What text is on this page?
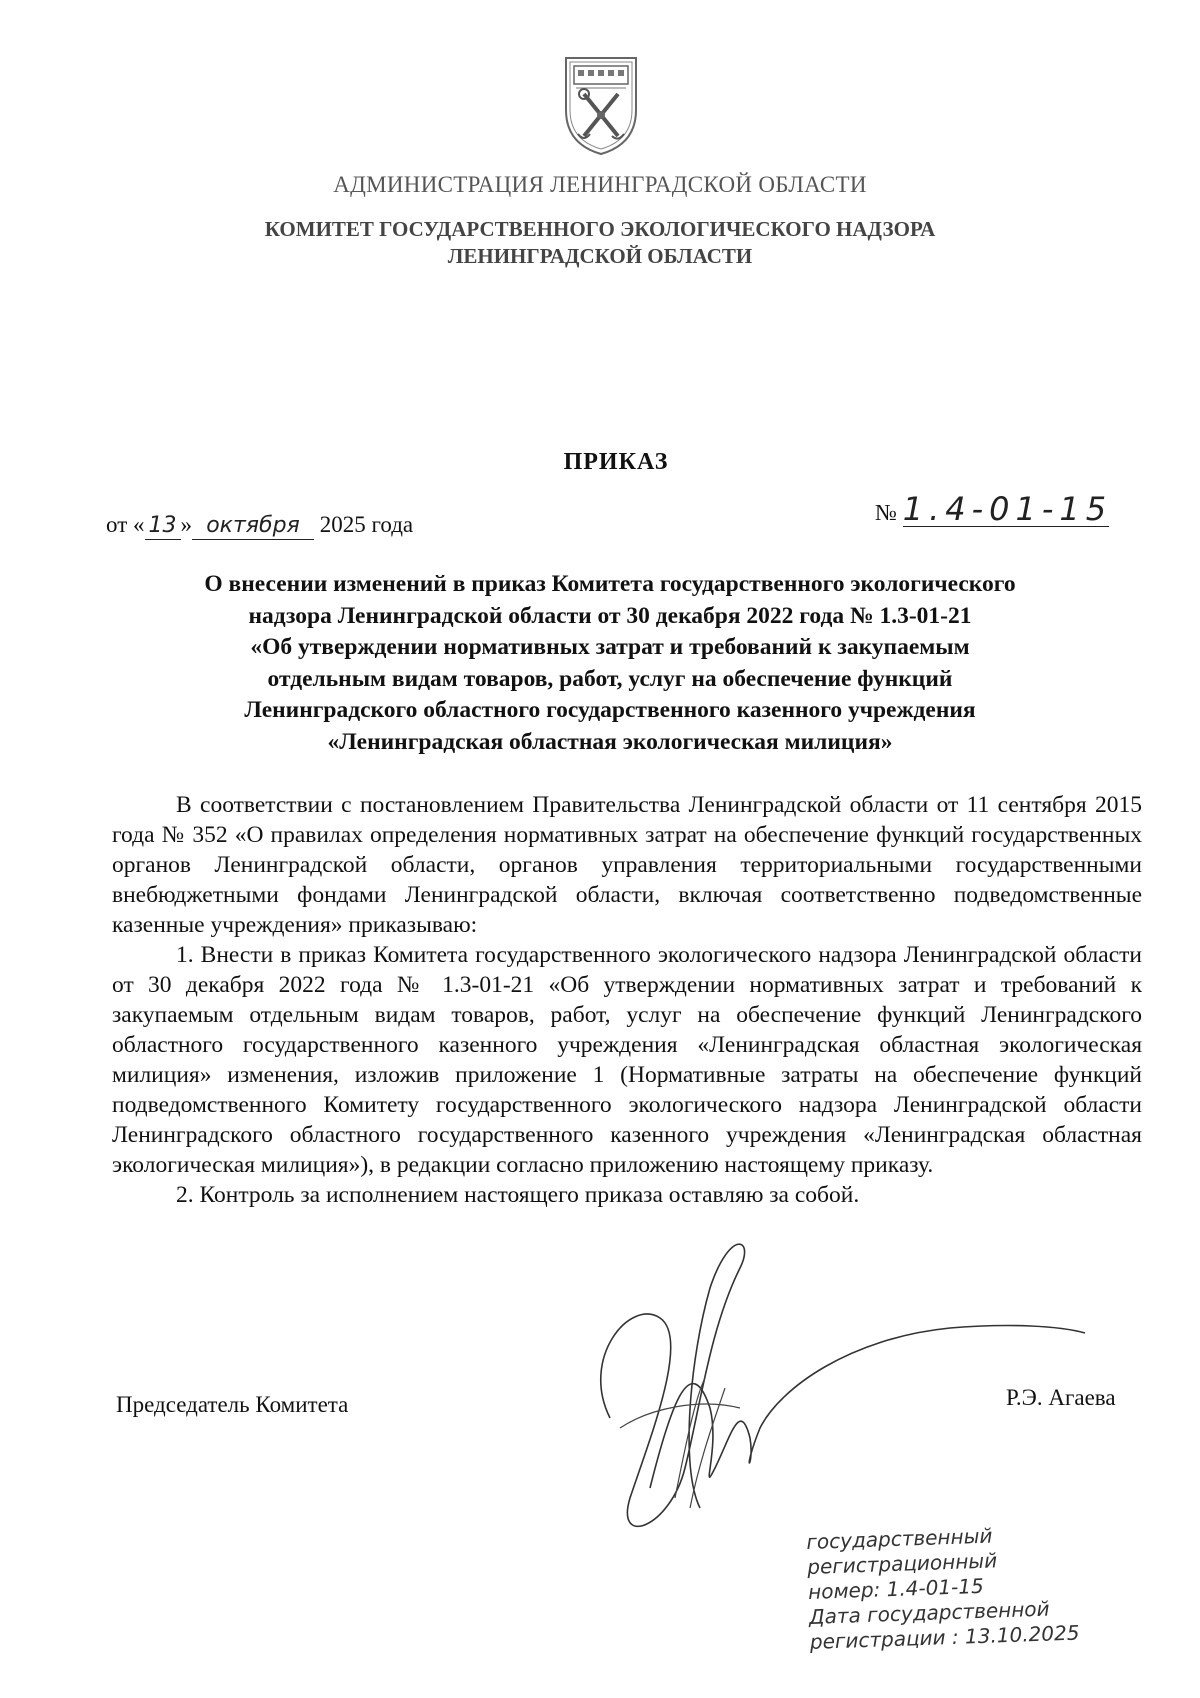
АДМИНИСТРАЦИЯ ЛЕНИНГРАДСКОЙ ОБЛАСТИ
КОМИТЕТ ГОСУДАРСТВЕННОГО ЭКОЛОГИЧЕСКОГО НАДЗОРА
ЛЕНИНГРАДСКОЙ ОБЛАСТИ
ПРИКАЗ
от « 13 » октября 2025 года	№ 1.4-01-15
О внесении изменений в приказ Комитета государственного экологического
надзора Ленинградской области от 30 декабря 2022 года № 1.3-01-21
«Об утверждении нормативных затрат и требований к закупаемым
отдельным видам товаров, работ, услуг на обеспечение функций
Ленинградского областного государственного казенного учреждения
«Ленинградская областная экологическая милиция»

В соответствии с постановлением Правительства Ленинградской области от 11 сентября 2015 года № 352 «О правилах определения нормативных затрат на обеспечение функций государственных органов Ленинградской области, органов управления территориальными государственными внебюджетными фондами Ленинградской области, включая соответственно подведомственные казенные учреждения» приказываю:

1. Внести в приказ Комитета государственного экологического надзора Ленинградской области от 30 декабря 2022 года № 1.3-01-21 «Об утверждении нормативных затрат и требований к закупаемым отдельным видам товаров, работ, услуг на обеспечение функций Ленинградского областного государственного казенного учреждения «Ленинградская областная экологическая милиция» изменения, изложив приложение 1 (Нормативные затраты на обеспечение функций подведомственного Комитету государственного экологического надзора Ленинградской области Ленинградского областного государственного казенного учреждения «Ленинградская областная экологическая милиция»), в редакции согласно приложению настоящему приказу.

2. Контроль за исполнением настоящего приказа оставляю за собой.

Председатель Комитета	Р.Э. Агаева
государственный
регистрационный
номер: 1.4-01-15
Дата государственной
регистрации : 13.10.2025
